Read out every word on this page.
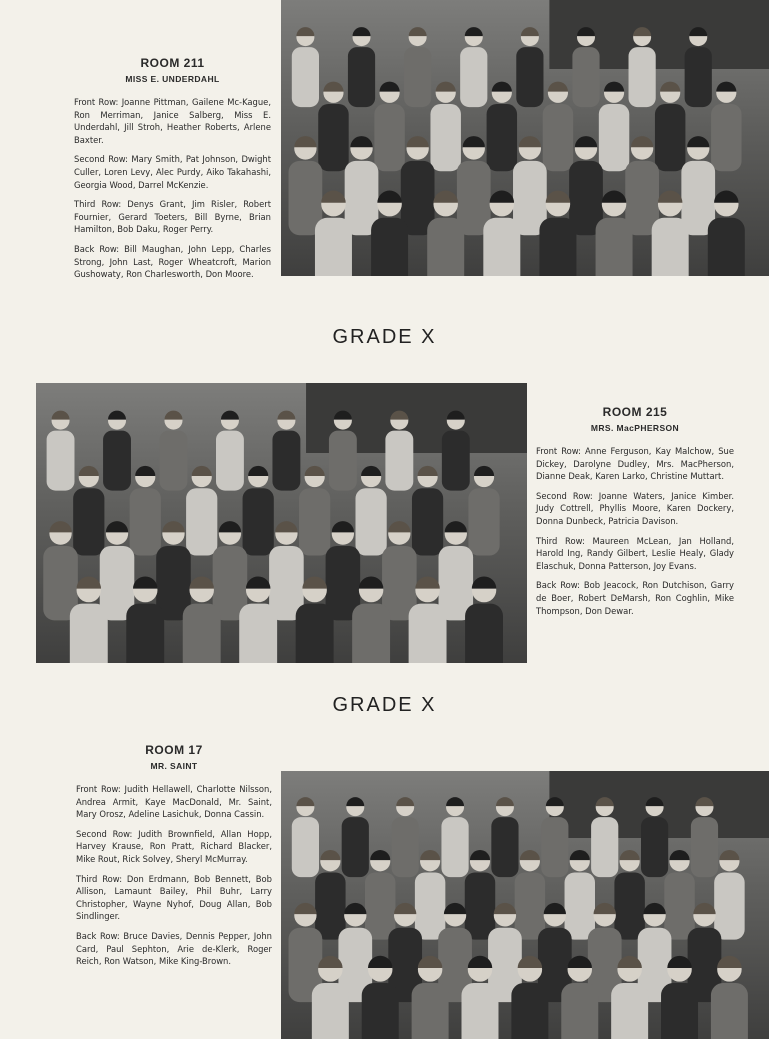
ROOM 211
MISS E. UNDERDAHL

Front Row: Joanne Pittman, Gailene Mc-Kague, Ron Merriman, Janice Salberg, Miss E. Underdahl, Jill Stroh, Heather Roberts, Arlene Baxter.

Second Row: Mary Smith, Pat Johnson, Dwight Culler, Loren Levy, Alec Purdy, Aiko Takahashi, Georgia Wood, Darrel McKenzie.

Third Row: Denys Grant, Jim Risler, Robert Fournier, Gerard Toeters, Bill Byrne, Brian Hamilton, Bob Daku, Roger Perry.

Back Row: Bill Maughan, John Lepp, Charles Strong, John Last, Roger Wheatcroft, Marion Gushowaty, Ron Charlesworth, Don Moore.

GRADE X
ROOM 215
MRS. MacPHERSON

Front Row: Anne Ferguson, Kay Malchow, Sue Dickey, Darolyne Dudley, Mrs. MacPherson, Dianne Deak, Karen Larko, Christine Muttart.

Second Row: Joanne Waters, Janice Kimber. Judy Cottrell, Phyllis Moore, Karen Dockery, Donna Dunbeck, Patricia Davison.

Third Row: Maureen McLean, Jan Holland, Harold Ing, Randy Gilbert, Leslie Healy, Glady Elaschuk, Donna Patterson, Joy Evans.

Back Row: Bob Jeacock, Ron Dutchison, Garry de Boer, Robert DeMarsh, Ron Coghlin, Mike Thompson, Don Dewar.

GRADE X
ROOM 17
MR. SAINT

Front Row: Judith Hellawell, Charlotte Nilsson, Andrea Armit, Kaye MacDonald, Mr. Saint, Mary Orosz, Adeline Lasichuk, Donna Cassin.

Second Row: Judith Brownfield, Allan Hopp, Harvey Krause, Ron Pratt, Richard Blacker, Mike Rout, Rick Solvey, Sheryl McMurray.

Third Row: Don Erdmann, Bob Bennett, Bob Allison, Lamaunt Bailey, Phil Buhr, Larry Christopher, Wayne Nyhof, Doug Allan, Bob Sindlinger.

Back Row: Bruce Davies, Dennis Pepper, John Card, Paul Sephton, Arie de-Klerk, Roger Reich, Ron Watson, Mike King-Brown.
